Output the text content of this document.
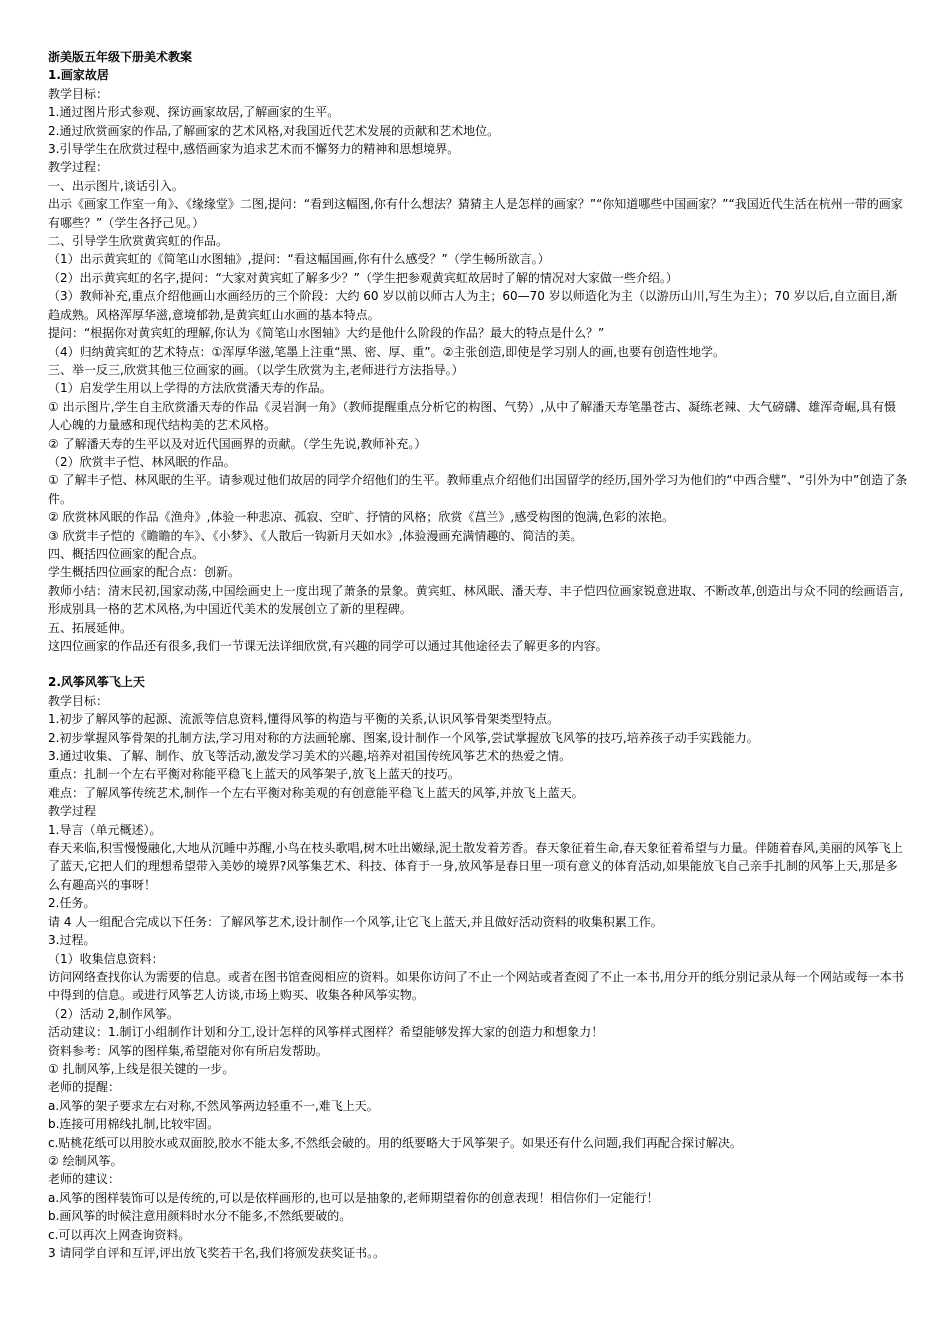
浙美版五年级下册美术教案
1.画家故居
教学目标：
1.通过图片形式参观、探访画家故居,了解画家的生平。
2.通过欣赏画家的作品,了解画家的艺术风格,对我国近代艺术发展的贡献和艺术地位。
3.引导学生在欣赏过程中,感悟画家为追求艺术而不懈努力的精神和思想境界。
教学过程：
一、出示图片,谈话引入。
出示《画家工作室一角》、《缘缘堂》二图,提问：“看到这幅图,你有什么想法？猜猜主人是怎样的画家？”“你知道哪些中国画家？”“我国近代生活在杭州一带的画家有哪些？”（学生各抒己见。）
二、引导学生欣赏黄宾虹的作品。
（1）出示黄宾虹的《简笔山水图轴》,提问：“看这幅国画,你有什么感受？”（学生畅所欲言。）
（2）出示黄宾虹的名字,提问：“大家对黄宾虹了解多少？”（学生把参观黄宾虹故居时了解的情况对大家做一些介绍。）
（3）教师补充,重点介绍他画山水画经历的三个阶段：大约 60 岁以前以师古人为主；60—70 岁以师造化为主（以游历山川,写生为主）；70 岁以后,自立面目,渐趋成熟。风格浑厚华滋,意境郁勃,是黄宾虹山水画的基本特点。
提问：“根据你对黄宾虹的理解,你认为《简笔山水图轴》大约是他什么阶段的作品？最大的特点是什么？”
（4）归纳黄宾虹的艺术特点：①浑厚华滋,笔墨上注重“黑、密、厚、重”。②主张创造,即使是学习别人的画,也要有创造性地学。
三、举一反三,欣赏其他三位画家的画。（以学生欣赏为主,老师进行方法指导。）
（1）启发学生用以上学得的方法欣赏潘天寿的作品。
① 出示图片,学生自主欣赏潘天寿的作品《灵岩涧一角》（教师提醒重点分析它的构图、气势）,从中了解潘天寿笔墨苍古、凝练老辣、大气磅礴、雄浑奇崛,具有慑人心魄的力量感和现代结构美的艺术风格。
② 了解潘天寿的生平以及对近代国画界的贡献。（学生先说,教师补充。）
（2）欣赏丰子恺、林风眠的作品。
① 了解丰子恺、林风眠的生平。请参观过他们故居的同学介绍他们的生平。教师重点介绍他们出国留学的经历,国外学习为他们的“中西合璧”、“引外为中”创造了条件。
② 欣赏林风眠的作品《渔舟》,体验一种悲凉、孤寂、空旷、抒情的风格；欣赏《菖兰》,感受构图的饱满,色彩的浓艳。
③ 欣赏丰子恺的《瞻瞻的车》、《小梦》、《人散后一钩新月天如水》,体验漫画充满情趣的、简洁的美。
四、概括四位画家的配合点。
学生概括四位画家的配合点：创新。
教师小结：清末民初,国家动荡,中国绘画史上一度出现了萧条的景象。黄宾虹、林风眠、潘天寿、丰子恺四位画家锐意进取、不断改革,创造出与众不同的绘画语言,形成别具一格的艺术风格,为中国近代美术的发展创立了新的里程碑。
五、拓展延伸。
这四位画家的作品还有很多,我们一节课无法详细欣赏,有兴趣的同学可以通过其他途径去了解更多的内容。
2.风筝风筝飞上天
教学目标：
1.初步了解风筝的起源、流派等信息资料,懂得风筝的构造与平衡的关系,认识风筝骨架类型特点。
2.初步掌握风筝骨架的扎制方法,学习用对称的方法画轮廓、图案,设计制作一个风筝,尝试掌握放飞风筝的技巧,培养孩子动手实践能力。
3.通过收集、了解、制作、放飞等活动,激发学习美术的兴趣,培养对祖国传统风筝艺术的热爱之情。
重点：扎制一个左右平衡对称能平稳飞上蓝天的风筝架子,放飞上蓝天的技巧。
难点：了解风筝传统艺术,制作一个左右平衡对称美观的有创意能平稳飞上蓝天的风筝,并放飞上蓝天。
教学过程
1.导言（单元概述）。
春天来临,积雪慢慢融化,大地从沉睡中苏醒,小鸟在枝头歌唱,树木吐出嫩绿,泥土散发着芳香。春天象征着生命,春天象征着希望与力量。伴随着春风,美丽的风筝飞上了蓝天,它把人们的理想希望带入美妙的境界?风筝集艺术、科技、体育于一身,放风筝是春日里一项有意义的体育活动,如果能放飞自己亲手扎制的风筝上天,那是多么有趣高兴的事呀！
2.任务。
请 4 人一组配合完成以下任务：了解风筝艺术,设计制作一个风筝,让它飞上蓝天,并且做好活动资料的收集积累工作。
3.过程。
（1）收集信息资料：
访问网络查找你认为需要的信息。或者在图书馆查阅相应的资料。如果你访问了不止一个网站或者查阅了不止一本书,用分开的纸分别记录从每一个网站或每一本书中得到的信息。或进行风筝艺人访谈,市场上购买、收集各种风筝实物。
（2）活动 2,制作风筝。
活动建议：1.制订小组制作计划和分工,设计怎样的风筝样式图样？希望能够发挥大家的创造力和想象力！
资料参考：风筝的图样集,希望能对你有所启发帮助。
① 扎制风筝,上线是很关键的一步。
老师的提醒：
a.风筝的架子要求左右对称,不然风筝两边轻重不一,难飞上天。
b.连接可用棉线扎制,比较牢固。
c.贴桃花纸可以用胶水或双面胶,胶水不能太多,不然纸会破的。用的纸要略大于风筝架子。如果还有什么问题,我们再配合探讨解决。
② 绘制风筝。
老师的建议：
a.风筝的图样装饰可以是传统的,可以是依样画形的,也可以是抽象的,老师期望着你的创意表现！相信你们一定能行！
b.画风筝的时候注意用颜料时水分不能多,不然纸要破的。
c.可以再次上网查询资料。
3 请同学自评和互评,评出放飞奖若干名,我们将颁发获奖证书。。
